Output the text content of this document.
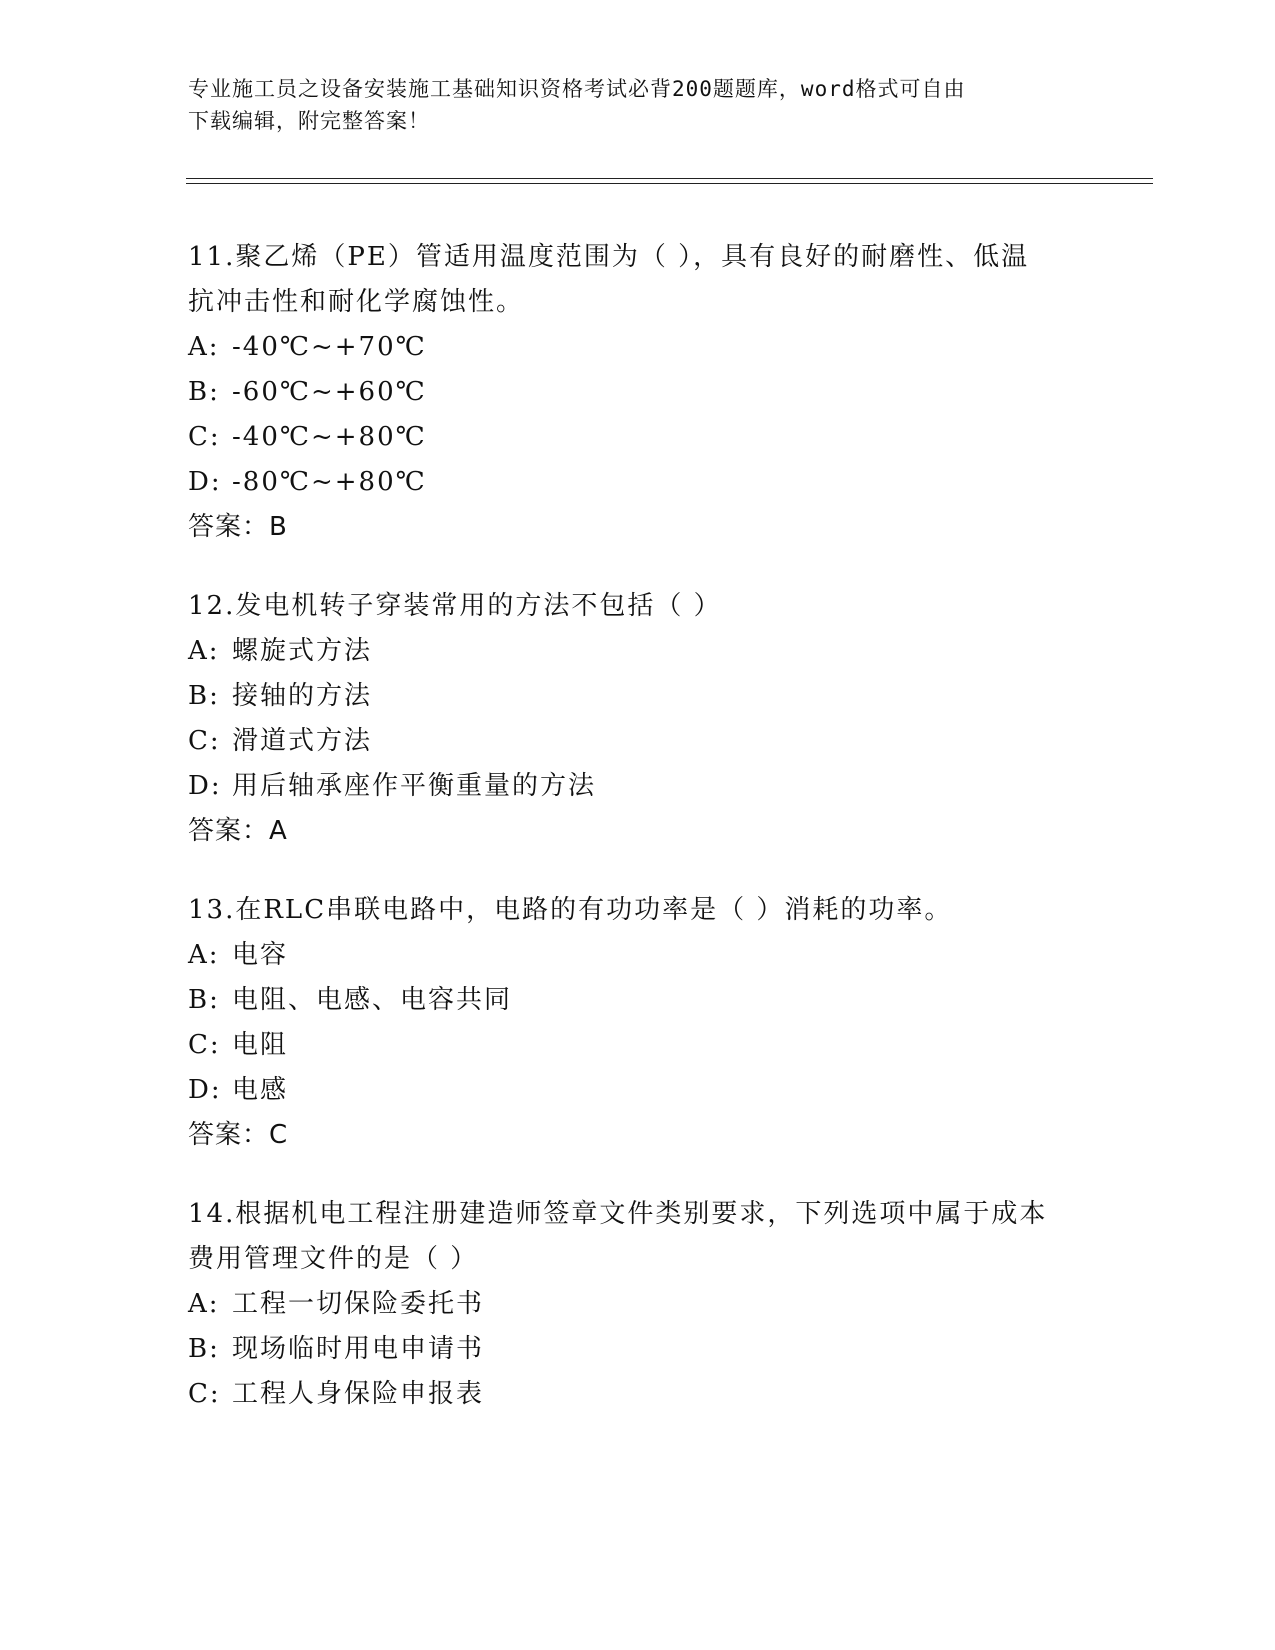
专业施工员之设备安装施工基础知识资格考试必背200题题库，word格式可自由
下载编辑，附完整答案！

11.聚乙烯（PE）管适用温度范围为（ ），具有良好的耐磨性、低温
抗冲击性和耐化学腐蚀性。

A: -40℃~+70℃

B: -60℃~+60℃

C: -40℃~+80℃

D: -80℃~+80℃

答案：B

12.发电机转子穿装常用的方法不包括（ ）

A: 螺旋式方法

B: 接轴的方法

C: 滑道式方法

D: 用后轴承座作平衡重量的方法

答案：A

13.在RLC串联电路中，电路的有功功率是（ ）消耗的功率。

A: 电容

B: 电阻、电感、电容共同

C: 电阻

D: 电感

答案：C

14.根据机电工程注册建造师签章文件类别要求，下列选项中属于成本
费用管理文件的是（ ）

A: 工程一切保险委托书

B: 现场临时用电申请书

C: 工程人身保险申报表
